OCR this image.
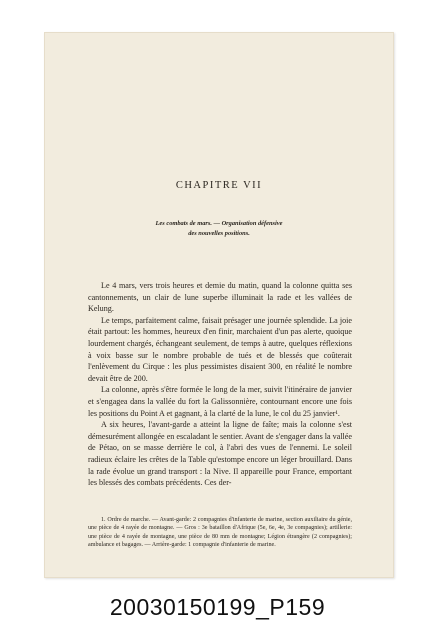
CHAPITRE VII
Les combats de mars. — Organisation défensive
des nouvelles positions.

Le 4 mars, vers trois heures et demie du matin, quand la colonne quitta ses cantonnements, un clair de lune superbe illuminait la rade et les vallées de Kelung.

Le temps, parfaitement calme, faisait présager une journée splendide. La joie était partout: les hommes, heureux d'en finir, marchaient d'un pas alerte, quoique lourdement chargés, échangeant seulement, de temps à autre, quelques réflexions à voix basse sur le nombre probable de tués et de blessés que coûterait l'enlèvement du Cirque : les plus pessimistes disaient 300, en réalité le nombre devait être de 200.

La colonne, après s'être formée le long de la mer, suivit l'itinéraire de janvier et s'engagea dans la vallée du fort la Galissonnière, contournant encore une fois les positions du Point A et gagnant, à la clarté de la lune, le col du 25 janvier¹.

A six heures, l'avant-garde a atteint la ligne de faîte; mais la colonne s'est démesurément allongée en escaladant le sentier. Avant de s'engager dans la vallée de Pétao, on se masse derrière le col, à l'abri des vues de l'ennemi. Le soleil radieux éclaire les crêtes de la Table qu'estompe encore un léger brouillard. Dans la rade évolue un grand transport : la Nive. Il appareille pour France, emportant les blessés des combats précédents. Ces der-

1. Ordre de marche. — Avant-garde: 2 compagnies d'infanterie de marine, section auxiliaire du génie, une pièce de 4 rayée de montagne. — Gros : 3e bataillon d'Afrique (5e, 6e, 4e, 3e compagnies); artillerie: une pièce de 4 rayée de montagne, une pièce de 80 mm de montagne; Légion étrangère (2 compagnies); ambulance et bagages. — Arrière-garde: 1 compagnie d'infanterie de marine.

20030150199_P159
